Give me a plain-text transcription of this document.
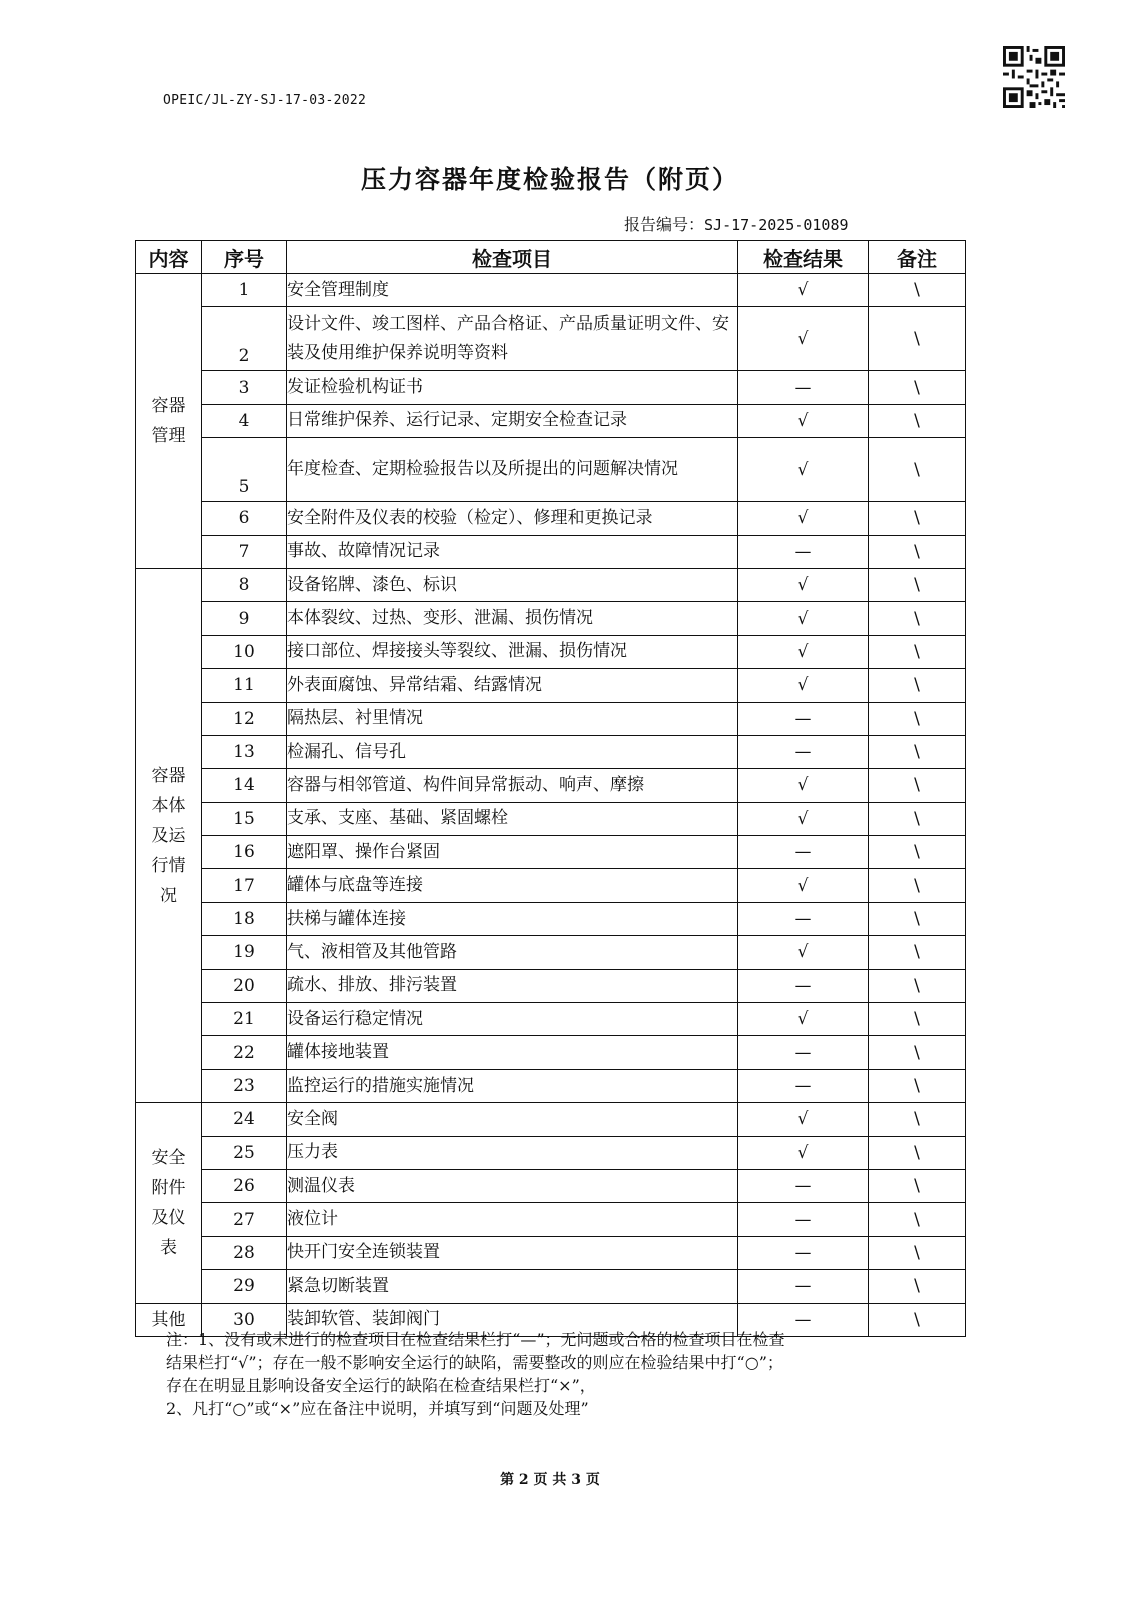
OPEIC/JL-ZY-SJ-17-03-2022
压力容器年度检验报告（附页）
报告编号：SJ-17-2025-01089
内容	序号	检查项目	检查结果	备注
容器
管理	1	安全管理制度	√	\
	2	设计文件、竣工图样、产品合格证、产品质量证明文件、安装及使用维护保养说明等资料	√	\
	3	发证检验机构证书	—	\
	4	日常维护保养、运行记录、定期安全检查记录	√	\
	5	年度检查、定期检验报告以及所提出的问题解决情况	√	\
	6	安全附件及仪表的校验（检定）、修理和更换记录	√	\
	7	事故、故障情况记录	—	\
容器
本体
及运
行情
况	8	设备铭牌、漆色、标识	√	\
	9	本体裂纹、过热、变形、泄漏、损伤情况	√	\
	10	接口部位、焊接接头等裂纹、泄漏、损伤情况	√	\
	11	外表面腐蚀、异常结霜、结露情况	√	\
	12	隔热层、衬里情况	—	\
	13	检漏孔、信号孔	—	\
	14	容器与相邻管道、构件间异常振动、响声、摩擦	√	\
	15	支承、支座、基础、紧固螺栓	√	\
	16	遮阳罩、操作台紧固	—	\
	17	罐体与底盘等连接	√	\
	18	扶梯与罐体连接	—	\
	19	气、液相管及其他管路	√	\
	20	疏水、排放、排污装置	—	\
	21	设备运行稳定情况	√	\
	22	罐体接地装置	—	\
	23	监控运行的措施实施情况	—	\
安全
附件
及仪
表	24	安全阀	√	\
	25	压力表	√	\
	26	测温仪表	—	\
	27	液位计	—	\
	28	快开门安全连锁装置	—	\
	29	紧急切断装置	—	\
其他	30	装卸软管、装卸阀门	—	\

注：1、没有或未进行的检查项目在检查结果栏打“—”；无问题或合格的检查项目在检查

结果栏打“√”；存在一般不影响安全运行的缺陷，需要整改的则应在检验结果中打“○”；

存在在明显且影响设备安全运行的缺陷在检查结果栏打“×”，

2、凡打“○”或“×”应在备注中说明，并填写到“问题及处理”

第 2 页 共 3 页
